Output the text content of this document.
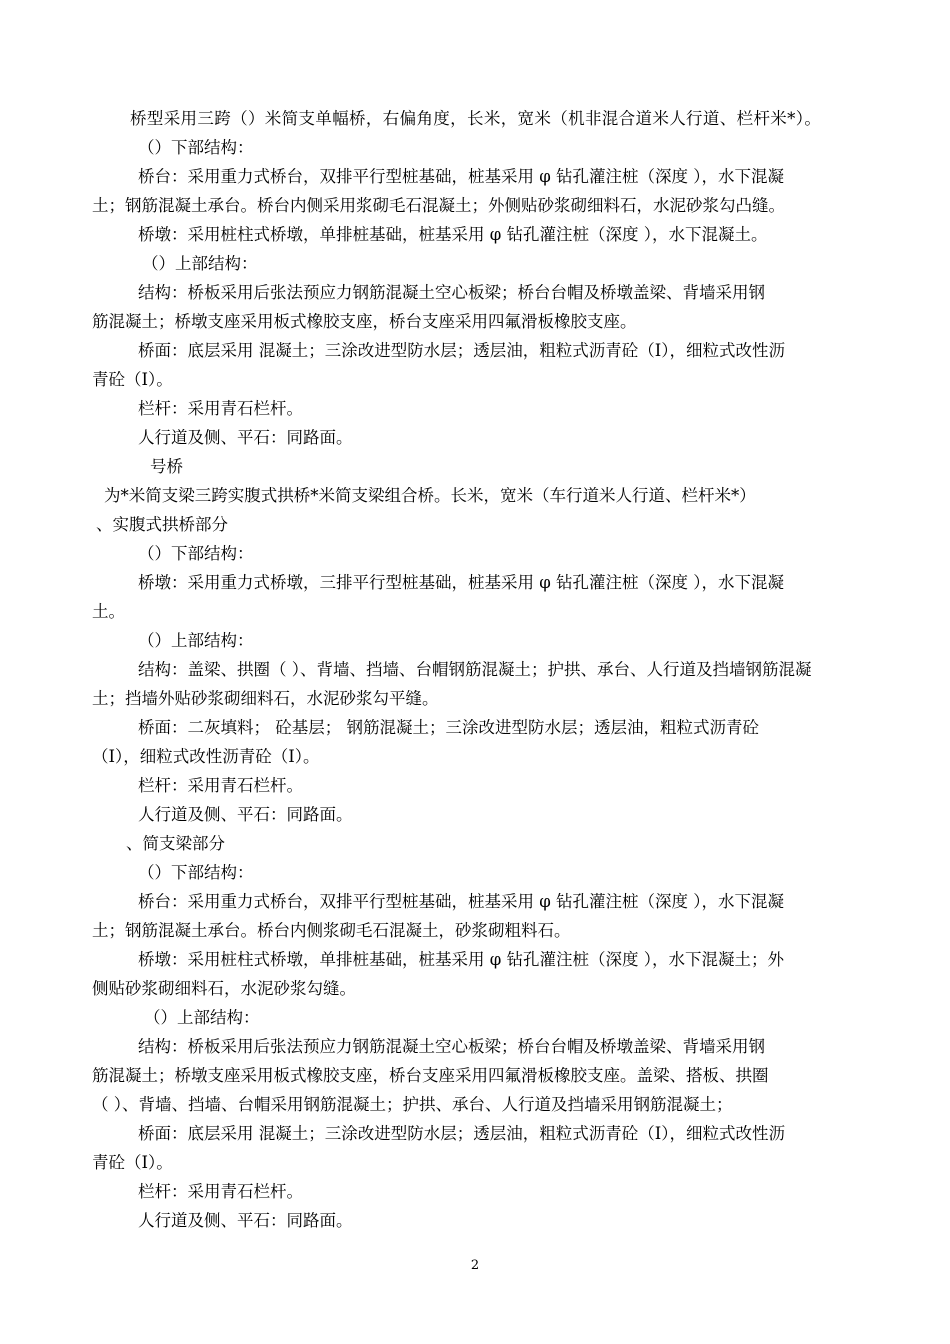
桥型采用三跨（）米简支单幅桥，右偏角度，长米，宽米（机非混合道米人行道、栏杆米*）。
（）下部结构：
桥台：采用重力式桥台，双排平行型桩基础，桩基采用 φ 钻孔灌注桩（深度 ），水下混凝
土；钢筋混凝土承台。桥台内侧采用浆砌毛石混凝土；外侧贴砂浆砌细料石，水泥砂浆勾凸缝。
桥墩：采用桩柱式桥墩，单排桩基础，桩基采用 φ 钻孔灌注桩（深度 ），水下混凝土。
（）上部结构：
结构：桥板采用后张法预应力钢筋混凝土空心板梁；桥台台帽及桥墩盖梁、背墙采用钢
筋混凝土；桥墩支座采用板式橡胶支座，桥台支座采用四氟滑板橡胶支座。
桥面：底层采用 混凝土；三涂改进型防水层；透层油，粗粒式沥青砼（Ⅰ），细粒式改性沥
青砼（Ⅰ）。
栏杆：采用青石栏杆。
人行道及侧、平石：同路面。
号桥
为*米简支梁三跨实腹式拱桥*米简支梁组合桥。长米，宽米（车行道米人行道、栏杆米*）
、实腹式拱桥部分
（）下部结构：
桥墩：采用重力式桥墩，三排平行型桩基础，桩基采用 φ 钻孔灌注桩（深度 ），水下混凝
土。
（）上部结构：
结构：盖梁、拱圈（ ）、背墙、挡墙、台帽钢筋混凝土；护拱、承台、人行道及挡墙钢筋混凝
土；挡墙外贴砂浆砌细料石，水泥砂浆勾平缝。
桥面：二灰填料； 砼基层； 钢筋混凝土；三涂改进型防水层；透层油，粗粒式沥青砼
（Ⅰ），细粒式改性沥青砼（Ⅰ）。
栏杆：采用青石栏杆。
人行道及侧、平石：同路面。
、简支梁部分
（）下部结构：
桥台：采用重力式桥台，双排平行型桩基础，桩基采用 φ 钻孔灌注桩（深度 ），水下混凝
土；钢筋混凝土承台。桥台内侧浆砌毛石混凝土，砂浆砌粗料石。
桥墩：采用桩柱式桥墩，单排桩基础，桩基采用 φ 钻孔灌注桩（深度 ），水下混凝土；外
侧贴砂浆砌细料石，水泥砂浆勾缝。
（）上部结构：
结构：桥板采用后张法预应力钢筋混凝土空心板梁；桥台台帽及桥墩盖梁、背墙采用钢
筋混凝土；桥墩支座采用板式橡胶支座，桥台支座采用四氟滑板橡胶支座。盖梁、搭板、拱圈
（ ）、背墙、挡墙、台帽采用钢筋混凝土；护拱、承台、人行道及挡墙采用钢筋混凝土；
桥面：底层采用 混凝土；三涂改进型防水层；透层油，粗粒式沥青砼（Ⅰ），细粒式改性沥
青砼（Ⅰ）。
栏杆：采用青石栏杆。
人行道及侧、平石：同路面。
2
